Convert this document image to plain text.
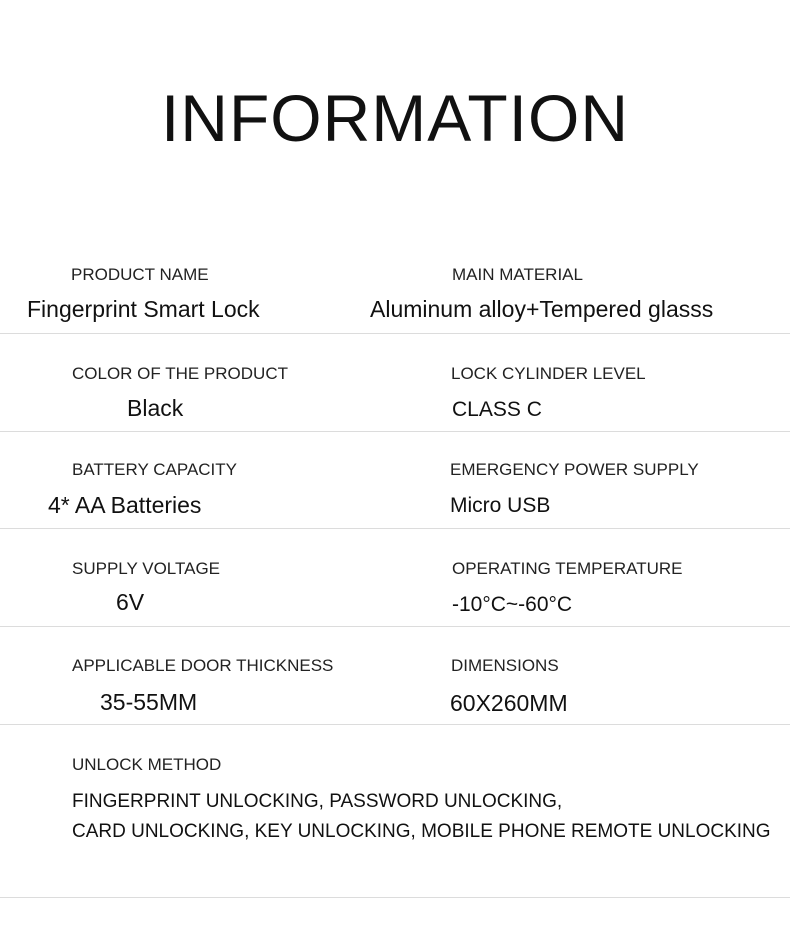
INFORMATION
PRODUCT NAME
Fingerprint Smart Lock
MAIN MATERIAL
Aluminum alloy+Tempered glasss
COLOR OF THE PRODUCT
Black
LOCK CYLINDER LEVEL
CLASS C
BATTERY CAPACITY
4* AA Batteries
EMERGENCY POWER SUPPLY
Micro USB
SUPPLY VOLTAGE
6V
OPERATING TEMPERATURE
-10°C~-60°C
APPLICABLE DOOR THICKNESS
35-55MM
DIMENSIONS
60X260MM
UNLOCK METHOD
FINGERPRINT UNLOCKING, PASSWORD UNLOCKING,
CARD UNLOCKING, KEY UNLOCKING, MOBILE PHONE REMOTE UNLOCKING
